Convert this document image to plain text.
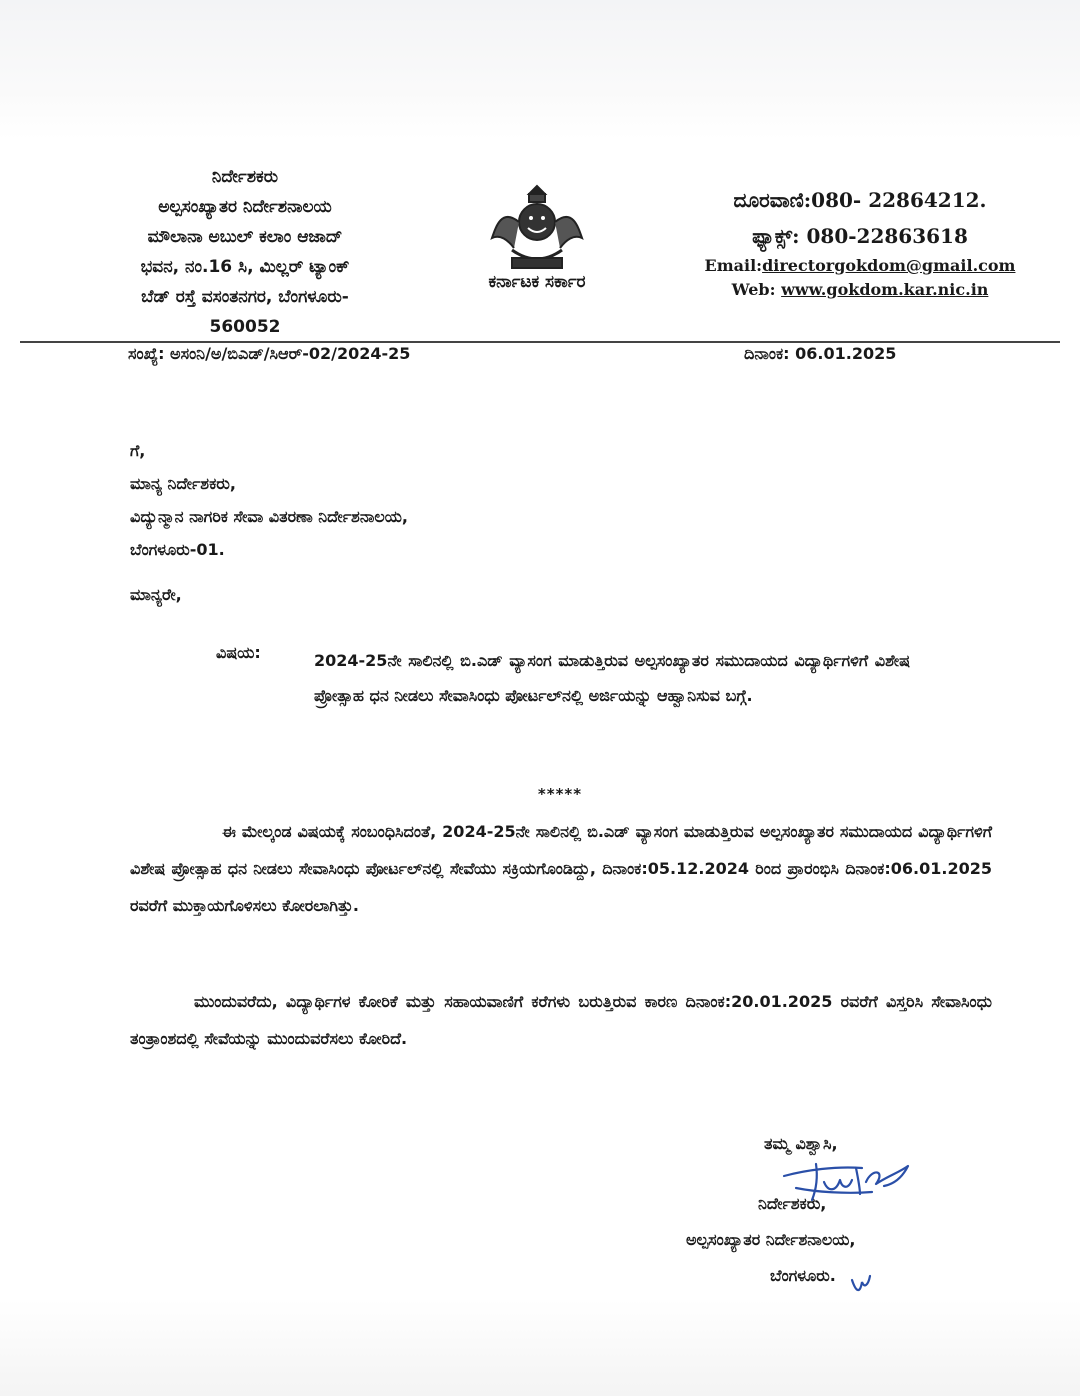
ನಿರ್ದೇಶಕರು
ಅಲ್ಪಸಂಖ್ಯಾತರ ನಿರ್ದೇಶನಾಲಯ
ಮೌಲಾನಾ ಅಬುಲ್ ಕಲಾಂ ಆಜಾದ್
ಭವನ, ನಂ.16 ಸಿ, ಮಿಲ್ಲರ್ ಟ್ಯಾಂಕ್
ಬೆಡ್ ರಸ್ತೆ ವಸಂತನಗರ, ಬೆಂಗಳೂರು-
560052
ಕರ್ನಾಟಕ ಸರ್ಕಾರ
ದೂರವಾಣಿ:080- 22864212.
ಫ್ಯಾಕ್ಸ್: 080-22863618
Email:directorgokdom@gmail.com
Web: www.gokdom.kar.nic.in
ಸಂಖ್ಯೆ: ಅಸಂನಿ/ಅ/ಬಿಎಡ್/ಸಿಆರ್-02/2024-25	ದಿನಾಂಕ: 06.01.2025
ಗೆ,
ಮಾನ್ಯ ನಿರ್ದೇಶಕರು,
ವಿದ್ಯುನ್ಮಾನ ನಾಗರಿಕ ಸೇವಾ ವಿತರಣಾ ನಿರ್ದೇಶನಾಲಯ,
ಬೆಂಗಳೂರು-01.
ಮಾನ್ಯರೇ,
ವಿಷಯ:	2024-25ನೇ ಸಾಲಿನಲ್ಲಿ ಬಿ.ಎಡ್ ವ್ಯಾಸಂಗ ಮಾಡುತ್ತಿರುವ ಅಲ್ಪಸಂಖ್ಯಾತರ ಸಮುದಾಯದ ವಿದ್ಯಾರ್ಥಿಗಳಿಗೆ ವಿಶೇಷ ಪ್ರೋತ್ಸಾಹ ಧನ ನೀಡಲು ಸೇವಾಸಿಂಧು ಪೋರ್ಟಲ್‌ನಲ್ಲಿ ಅರ್ಜಿಯನ್ನು ಆಹ್ವಾನಿಸುವ ಬಗ್ಗೆ.
*****
ಈ ಮೇಲ್ಕಂಡ ವಿಷಯಕ್ಕೆ ಸಂಬಂಧಿಸಿದಂತೆ, 2024-25ನೇ ಸಾಲಿನಲ್ಲಿ ಬಿ.ಎಡ್ ವ್ಯಾಸಂಗ ಮಾಡುತ್ತಿರುವ ಅಲ್ಪಸಂಖ್ಯಾತರ ಸಮುದಾಯದ ವಿದ್ಯಾರ್ಥಿಗಳಿಗೆ ವಿಶೇಷ ಪ್ರೋತ್ಸಾಹ ಧನ ನೀಡಲು ಸೇವಾಸಿಂಧು ಪೋರ್ಟಲ್‌ನಲ್ಲಿ ಸೇವೆಯು ಸಕ್ರಿಯಗೊಂಡಿದ್ದು, ದಿನಾಂಕ:05.12.2024 ರಿಂದ ಪ್ರಾರಂಭಿಸಿ ದಿನಾಂಕ:06.01.2025 ರವರೆಗೆ ಮುಕ್ತಾಯಗೊಳಿಸಲು ಕೋರಲಾಗಿತ್ತು.
ಮುಂದುವರೆದು, ವಿದ್ಯಾರ್ಥಿಗಳ ಕೋರಿಕೆ ಮತ್ತು ಸಹಾಯವಾಣಿಗೆ ಕರೆಗಳು ಬರುತ್ತಿರುವ ಕಾರಣ ದಿನಾಂಕ:20.01.2025 ರವರೆಗೆ ವಿಸ್ತರಿಸಿ ಸೇವಾಸಿಂಧು ತಂತ್ರಾಂಶದಲ್ಲಿ ಸೇವೆಯನ್ನು ಮುಂದುವರೆಸಲು ಕೋರಿದೆ.
ತಮ್ಮ ವಿಶ್ವಾಸಿ,
ನಿರ್ದೇಶಕರು,
ಅಲ್ಪಸಂಖ್ಯಾತರ ನಿರ್ದೇಶನಾಲಯ,
ಬೆಂಗಳೂರು.
